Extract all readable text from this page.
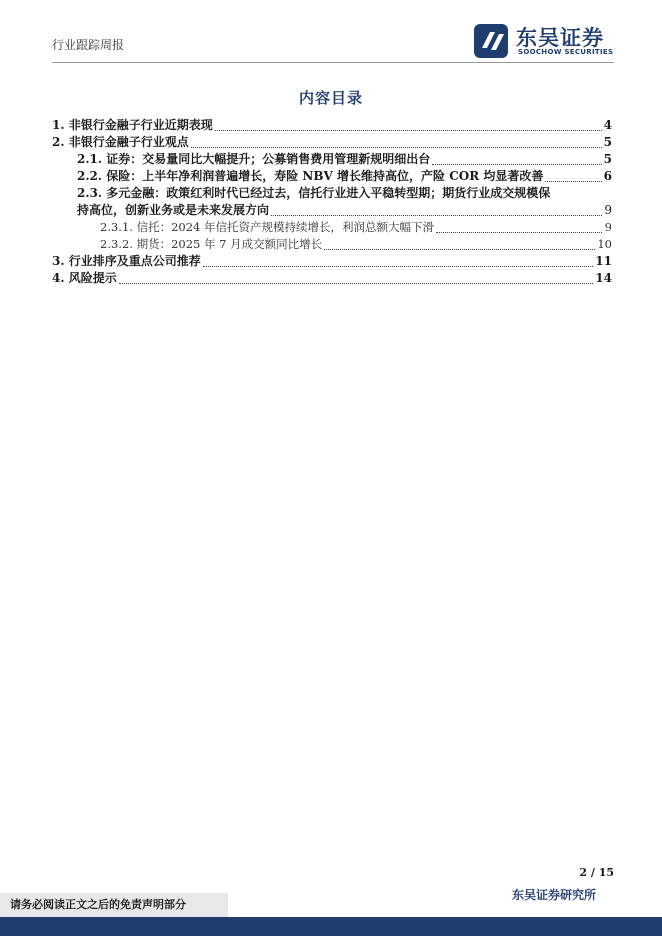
行业跟踪周报	东吴证券
SOOCHOW SECURITIES
内容目录
1. 非银行金融子行业近期表现	4
2. 非银行金融子行业观点	5
2.1. 证券：交易量同比大幅提升；公募销售费用管理新规明细出台	5
2.2. 保险：上半年净利润普遍增长，寿险 NBV 增长维持高位，产险 COR 均显著改善	6
2.3. 多元金融：政策红利时代已经过去，信托行业进入平稳转型期；期货行业成交规模保
持高位，创新业务或是未来发展方向	9
2.3.1. 信托：2024 年信托资产规模持续增长，利润总额大幅下滑	9
2.3.2. 期货：2025 年 7 月成交额同比增长	10
3. 行业排序及重点公司推荐	11
4. 风险提示	14
2 / 15
东吴证券研究所
请务必阅读正文之后的免责声明部分
